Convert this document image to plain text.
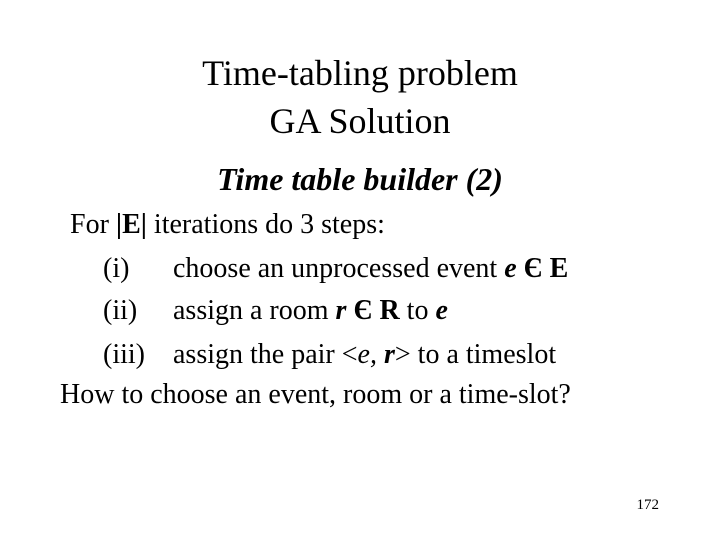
Time-tabling problem
GA Solution
Time table builder (2)
For |E| iterations do 3 steps:
(i) choose an unprocessed event e Є E
(ii) assign a room r Є R to e
(iii) assign the pair <e, r> to a timeslot
How to choose an event, room or a time-slot?
172
